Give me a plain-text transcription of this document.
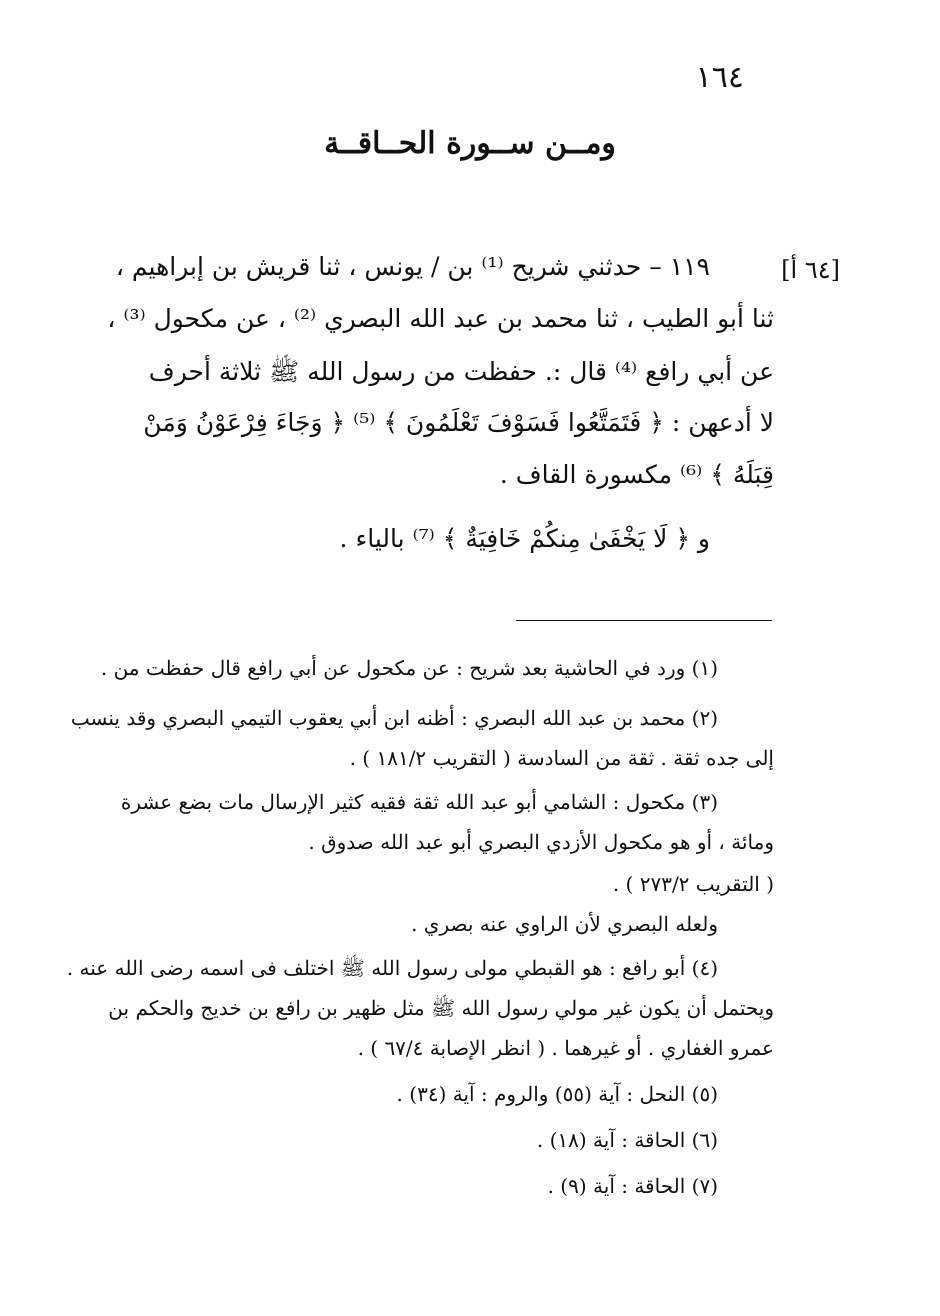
١٦٤
ومــن ســورة الحــاقــة
[٦٤ أ]
١١٩ – حدثني شريح ⁽¹⁾ بن / يونس ، ثنا قريش بن إبراهيم ،
ثنا أبو الطيب ، ثنا محمد بن عبد الله البصري ⁽²⁾ ، عن مكحول ⁽³⁾ ،
عن أبي رافع ⁽⁴⁾ قال :. حفظت من رسول الله ﷺ ثلاثة أحرف
لا أدعهن : ﴿ فَتَمَتَّعُوا فَسَوْفَ تَعْلَمُونَ ﴾ ⁽⁵⁾ ﴿ وَجَاءَ فِرْعَوْنُ وَمَنْ
قِبَلَهُ ﴾ ⁽⁶⁾ مكسورة القاف .
و ﴿ لَا يَخْفَىٰ مِنكُمْ خَافِيَةٌ ﴾ ⁽⁷⁾ بالياء .
(١) ورد في الحاشية بعد شريح : عن مكحول عن أبي رافع قال حفظت من .
(٢) محمد بن عبد الله البصري : أظنه ابن أبي يعقوب التيمي البصري وقد ينسب
إلى جده ثقة . ثقة من السادسة ( التقريب ١٨١/٢ ) .
(٣) مكحول : الشامي أبو عبد الله ثقة فقيه كثير الإرسال مات بضع عشرة
ومائة ، أو هو مكحول الأزدي البصري أبو عبد الله صدوق .
( التقريب ٢٧٣/٢ ) .
ولعله البصري لأن الراوي عنه بصري .
(٤) أبو رافع : هو القبطي مولى رسول الله ﷺ اختلف فى اسمه رضى الله عنه .
ويحتمل أن يكون غير مولي رسول الله ﷺ مثل ظهير بن رافع بن خديج والحكم بن
عمرو الغفاري . أو غيرهما . ( انظر الإصابة ٦٧/٤ ) .
(٥) النحل : آية (٥٥) والروم : آية (٣٤) .
(٦) الحاقة : آية (١٨) .
(٧) الحاقة : آية (٩) .
